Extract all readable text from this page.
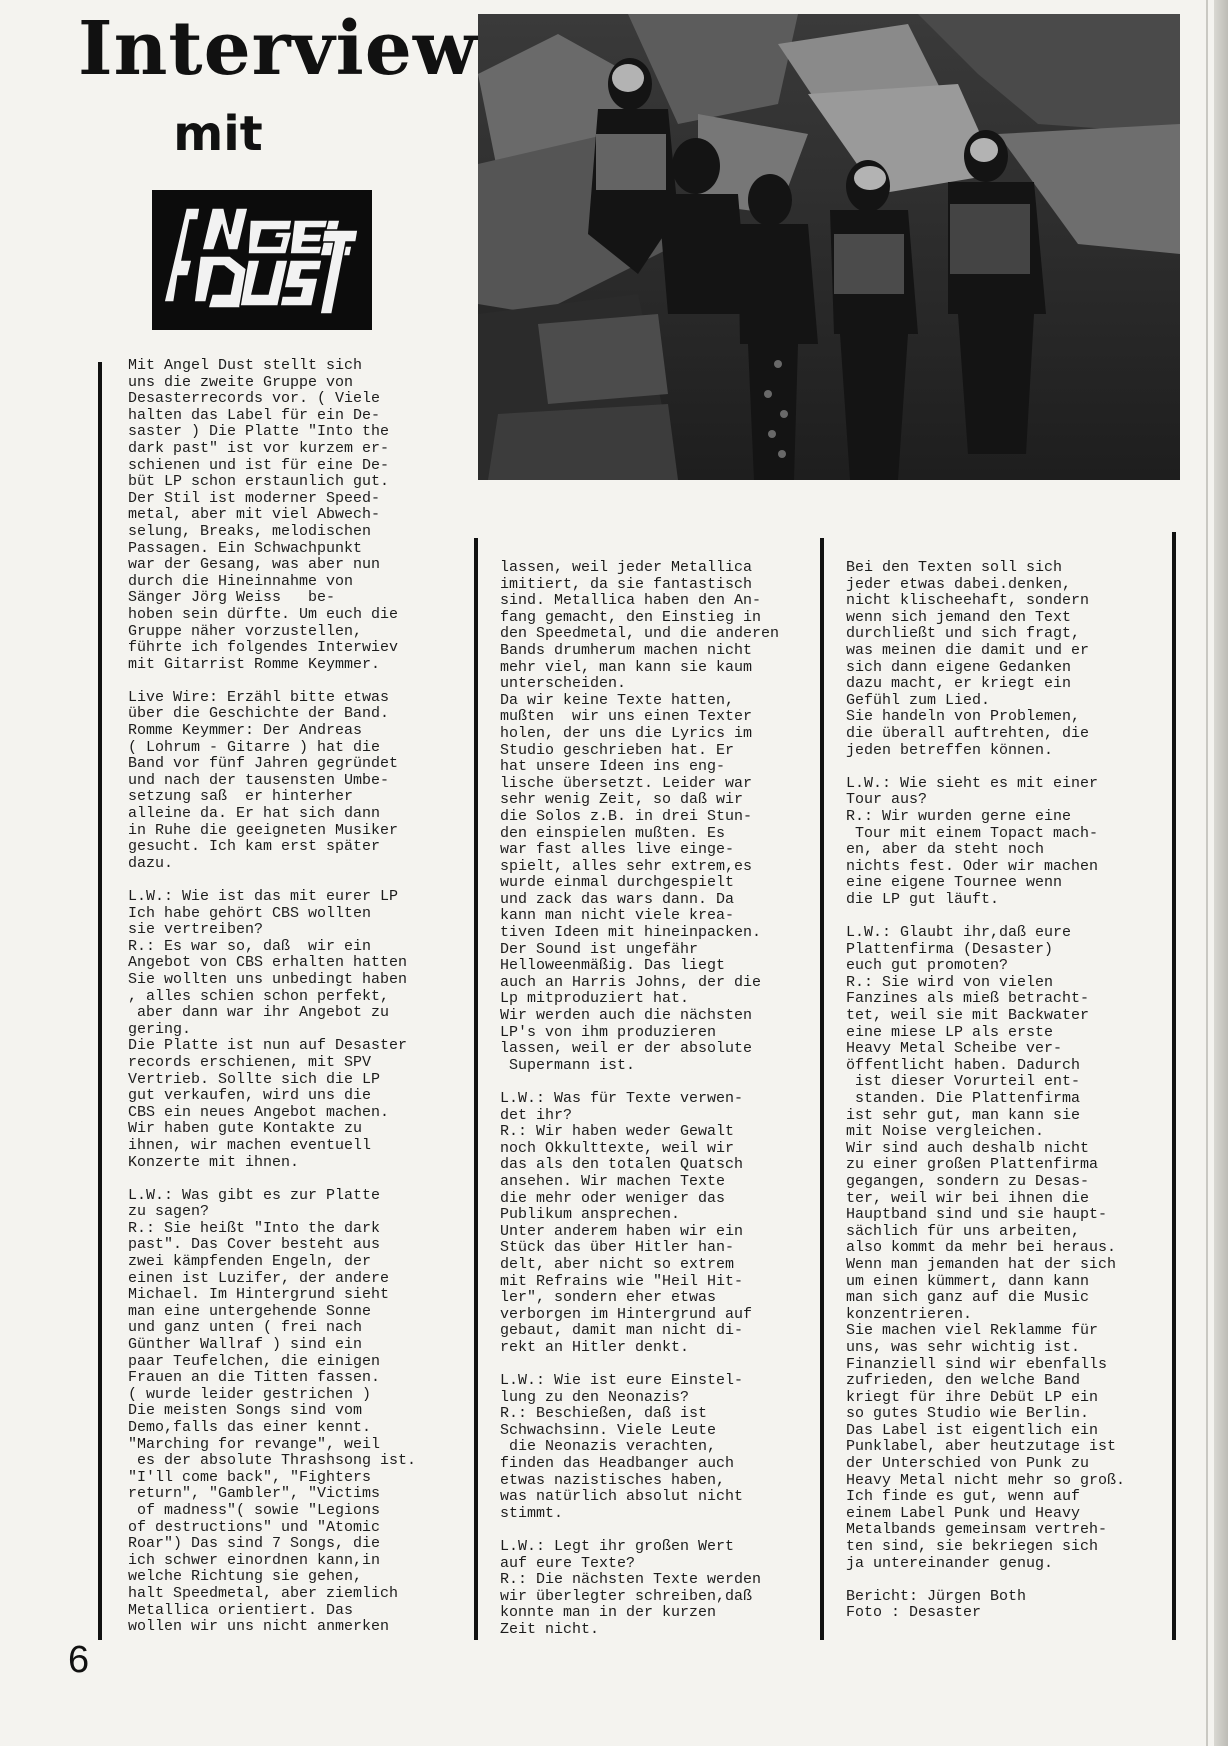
Interview
mit
Mit Angel Dust stellt sich
uns die zweite Gruppe von
Desasterrecords vor. ( Viele
halten das Label für ein De-
saster ) Die Platte "Into the
dark past" ist vor kurzem er-
schienen und ist für eine De-
büt LP schon erstaunlich gut.
Der Stil ist moderner Speed-
metal, aber mit viel Abwech-
selung, Breaks, melodischen
Passagen. Ein Schwachpunkt
war der Gesang, was aber nun
durch die Hineinnahme von
Sänger Jörg Weiss   be-
hoben sein dürfte. Um euch die
Gruppe näher vorzustellen,
führte ich folgendes Interwiev
mit Gitarrist Romme Keymmer.
Live Wire: Erzähl bitte etwas
über die Geschichte der Band.
Romme Keymmer: Der Andreas
( Lohrum - Gitarre ) hat die
Band vor fünf Jahren gegründet
und nach der tausensten Umbe-
setzung saß  er hinterher
alleine da. Er hat sich dann
in Ruhe die geeigneten Musiker
gesucht. Ich kam erst später
dazu.
L.W.: Wie ist das mit eurer LP
Ich habe gehört CBS wollten
sie vertreiben?
R.: Es war so, daß  wir ein
Angebot von CBS erhalten hatten
Sie wollten uns unbedingt haben
, alles schien schon perfekt,
aber dann war ihr Angebot zu
gering.
Die Platte ist nun auf Desaster
records erschienen, mit SPV
Vertrieb. Sollte sich die LP
gut verkaufen, wird uns die
CBS ein neues Angebot machen.
Wir haben gute Kontakte zu
ihnen, wir machen eventuell
Konzerte mit ihnen.
L.W.: Was gibt es zur Platte
zu sagen?
R.: Sie heißt "Into the dark
past". Das Cover besteht aus
zwei kämpfenden Engeln, der
einen ist Luzifer, der andere
Michael. Im Hintergrund sieht
man eine untergehende Sonne
und ganz unten ( frei nach
Günther Wallraf ) sind ein
paar Teufelchen, die einigen
Frauen an die Titten fassen.
( wurde leider gestrichen )
Die meisten Songs sind vom
Demo,falls das einer kennt.
"Marching for revange", weil
es der absolute Thrashsong ist.
"I'll come back", "Fighters
return", "Gambler", "Victims
of madness"( sowie "Legions
of destructions" und "Atomic
Roar") Das sind 7 Songs, die
ich schwer einordnen kann,in
welche Richtung sie gehen,
halt Speedmetal, aber ziemlich
Metallica orientiert. Das
wollen wir uns nicht anmerken
lassen, weil jeder Metallica
imitiert, da sie fantastisch
sind. Metallica haben den An-
fang gemacht, den Einstieg in
den Speedmetal, und die anderen
Bands drumherum machen nicht
mehr viel, man kann sie kaum
unterscheiden.
Da wir keine Texte hatten,
mußten  wir uns einen Texter
holen, der uns die Lyrics im
Studio geschrieben hat. Er
hat unsere Ideen ins eng-
lische übersetzt. Leider war
sehr wenig Zeit, so daß wir
die Solos z.B. in drei Stun-
den einspielen mußten. Es
war fast alles live einge-
spielt, alles sehr extrem,es
wurde einmal durchgespielt
und zack das wars dann. Da
kann man nicht viele krea-
tiven Ideen mit hineinpacken.
Der Sound ist ungefähr
Helloweenmäßig. Das liegt
auch an Harris Johns, der die
Lp mitproduziert hat.
Wir werden auch die nächsten
LP's von ihm produzieren
lassen, weil er der absolute
Supermann ist.
L.W.: Was für Texte verwen-
det ihr?
R.: Wir haben weder Gewalt
noch Okkulttexte, weil wir
das als den totalen Quatsch
ansehen. Wir machen Texte
die mehr oder weniger das
Publikum ansprechen.
Unter anderem haben wir ein
Stück das über Hitler han-
delt, aber nicht so extrem
mit Refrains wie "Heil Hit-
ler", sondern eher etwas
verborgen im Hintergrund auf
gebaut, damit man nicht di-
rekt an Hitler denkt.
L.W.: Wie ist eure Einstel-
lung zu den Neonazis?
R.: Beschießen, daß ist
Schwachsinn. Viele Leute
die Neonazis verachten,
finden das Headbanger auch
etwas nazistisches haben,
was natürlich absolut nicht
stimmt.
L.W.: Legt ihr großen Wert
auf eure Texte?
R.: Die nächsten Texte werden
wir überlegter schreiben,daß
konnte man in der kurzen
Zeit nicht.
Bei den Texten soll sich
jeder etwas dabei.denken,
nicht klischeehaft, sondern
wenn sich jemand den Text
durchließt und sich fragt,
was meinen die damit und er
sich dann eigene Gedanken
dazu macht, er kriegt ein
Gefühl zum Lied.
Sie handeln von Problemen,
die überall auftrehten, die
jeden betreffen können.
L.W.: Wie sieht es mit einer
Tour aus?
R.: Wir wurden gerne eine
Tour mit einem Topact mach-
en, aber da steht noch
nichts fest. Oder wir machen
eine eigene Tournee wenn
die LP gut läuft.
L.W.: Glaubt ihr,daß eure
Plattenfirma (Desaster)
euch gut promoten?
R.: Sie wird von vielen
Fanzines als mieß betracht-
tet, weil sie mit Backwater
eine miese LP als erste
Heavy Metal Scheibe ver-
öffentlicht haben. Dadurch
ist dieser Vorurteil ent-
standen. Die Plattenfirma
ist sehr gut, man kann sie
mit Noise vergleichen.
Wir sind auch deshalb nicht
zu einer großen Plattenfirma
gegangen, sondern zu Desas-
ter, weil wir bei ihnen die
Hauptband sind und sie haupt-
sächlich für uns arbeiten,
also kommt da mehr bei heraus.
Wenn man jemanden hat der sich
um einen kümmert, dann kann
man sich ganz auf die Music
konzentrieren.
Sie machen viel Reklamme für
uns, was sehr wichtig ist.
Finanziell sind wir ebenfalls
zufrieden, den welche Band
kriegt für ihre Debüt LP ein
so gutes Studio wie Berlin.
Das Label ist eigentlich ein
Punklabel, aber heutzutage ist
der Unterschied von Punk zu
Heavy Metal nicht mehr so groß.
Ich finde es gut, wenn auf
einem Label Punk und Heavy
Metalbands gemeinsam vertreh-
ten sind, sie bekriegen sich
ja untereinander genug.
Bericht: Jürgen Both
Foto : Desaster
6
